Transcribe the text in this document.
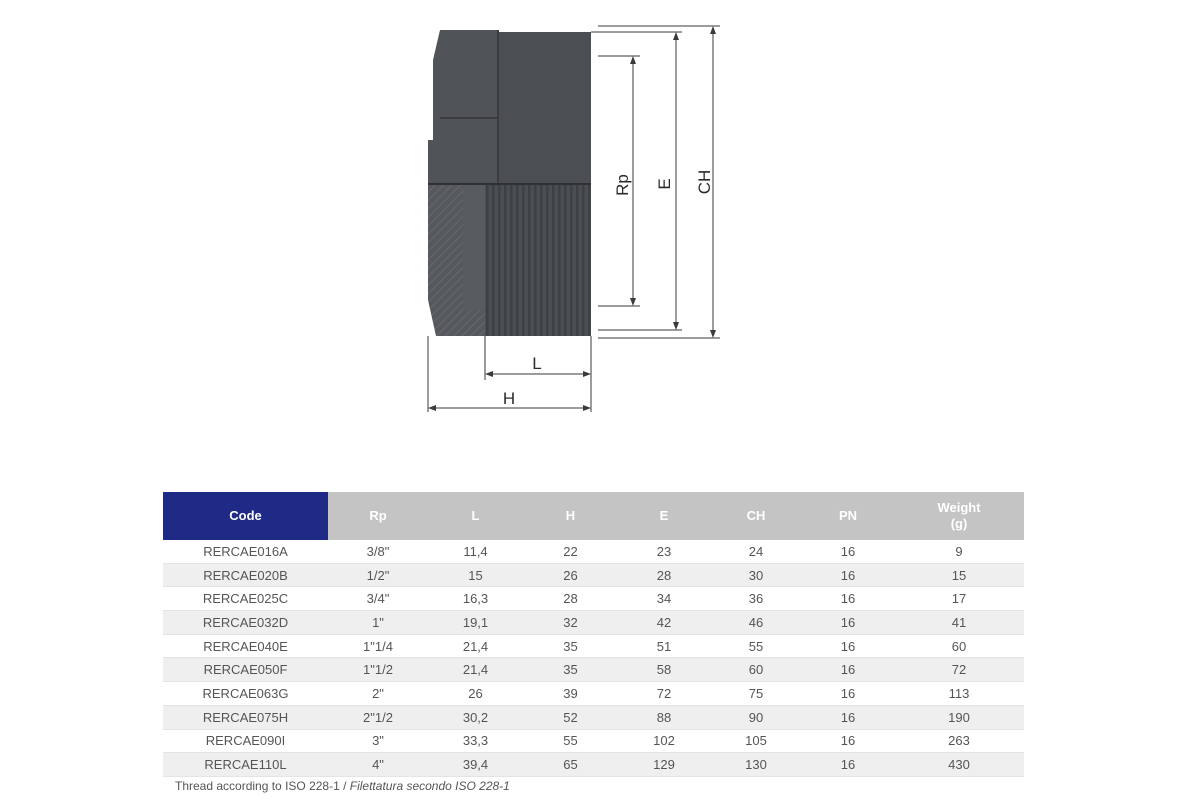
Rp E CH
L
H
Code	Rp	L	H	E	CH	PN	Weight
(g)
RERCAE016A	3/8"	11,4	22	23	24	16	9
RERCAE020B	1/2"	15	26	28	30	16	15
RERCAE025C	3/4"	16,3	28	34	36	16	17
RERCAE032D	1"	19,1	32	42	46	16	41
RERCAE040E	1"1/4	21,4	35	51	55	16	60
RERCAE050F	1"1/2	21,4	35	58	60	16	72
RERCAE063G	2"	26	39	72	75	16	113
RERCAE075H	2"1/2	30,2	52	88	90	16	190
RERCAE090I	3"	33,3	55	102	105	16	263
RERCAE110L	4"	39,4	65	129	130	16	430
Thread according to ISO 228-1 / Filettatura secondo ISO 228-1
